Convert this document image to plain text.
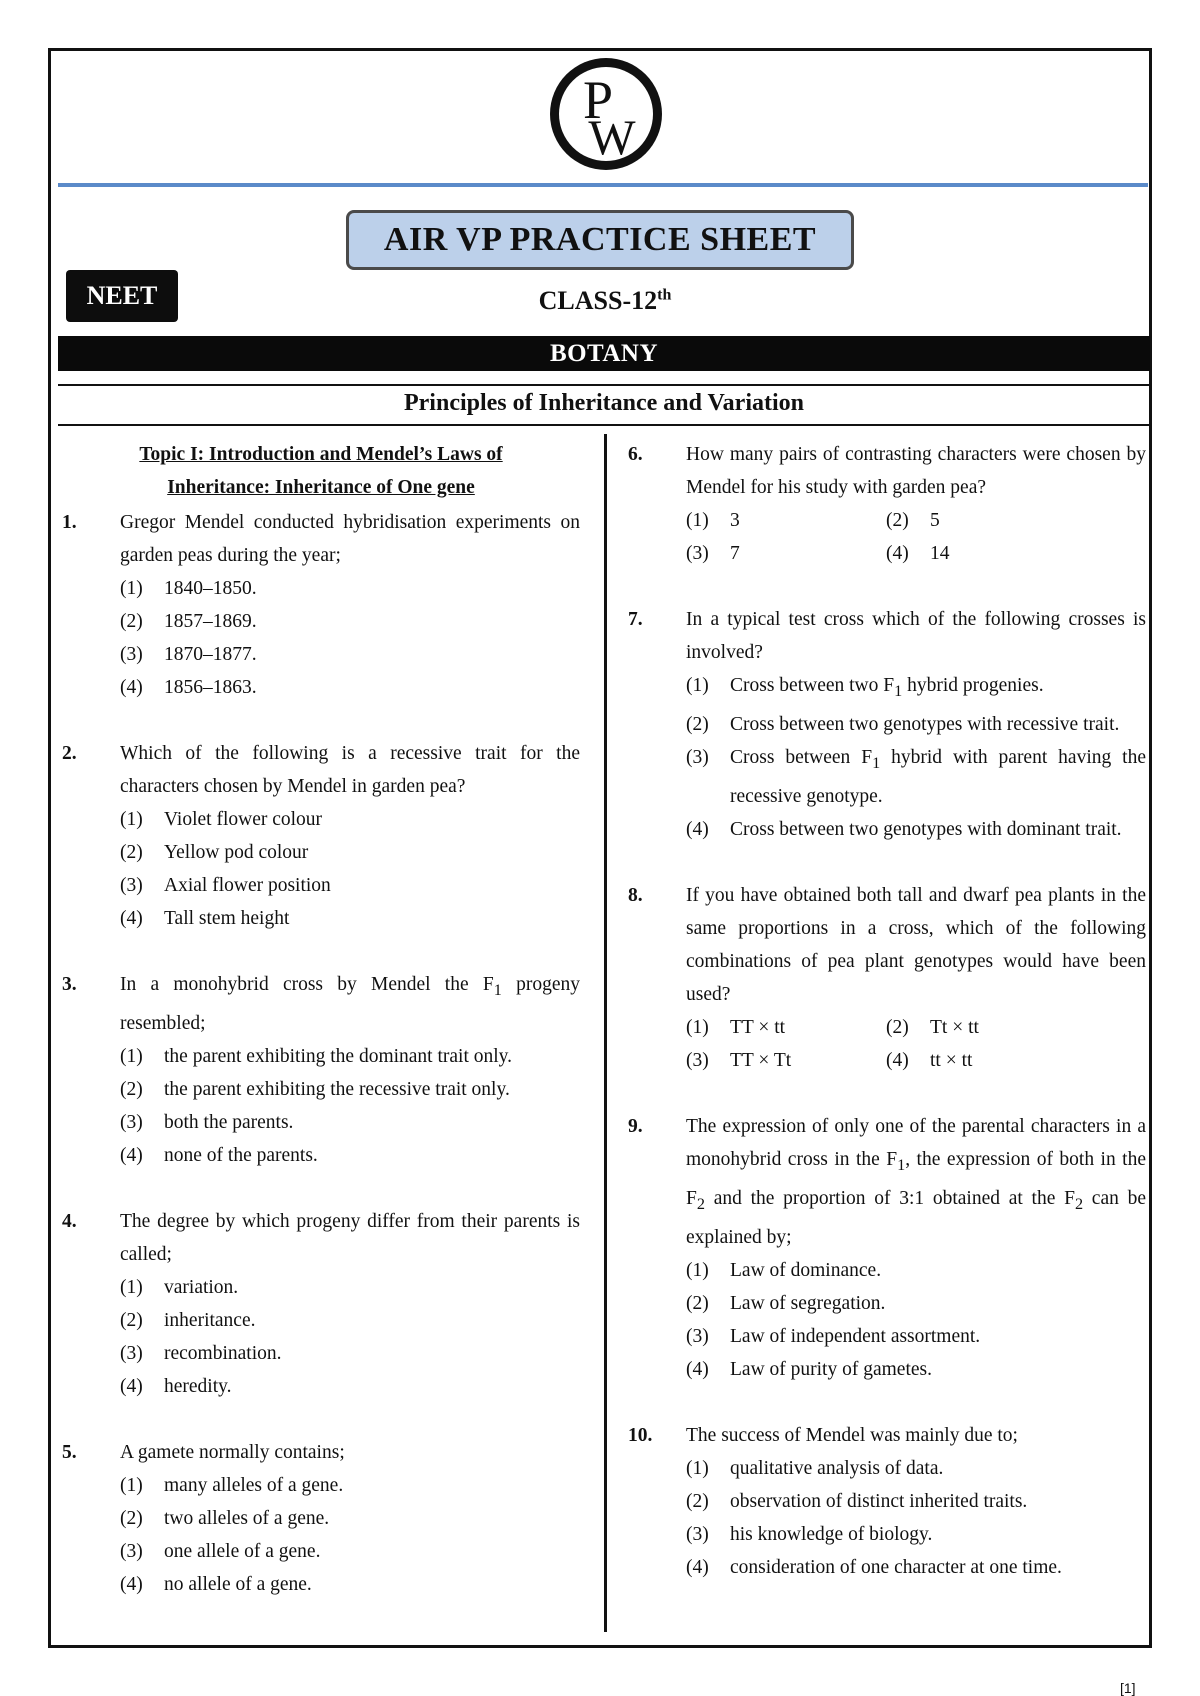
P
W
AIR VP PRACTICE SHEET
NEET	CLASS-12th
BOTANY
Principles of Inheritance and Variation
Topic I: Introduction and Mendel’s Laws of
Inheritance: Inheritance of One gene
1.	Gregor Mendel conducted hybridisation experiments on garden peas during the year;
(1)	1840–1850.
(2)	1857–1869.
(3)	1870–1877.
(4)	1856–1863.
2.	Which of the following is a recessive trait for the characters chosen by Mendel in garden pea?
(1)	Violet flower colour
(2)	Yellow pod colour
(3)	Axial flower position
(4)	Tall stem height
3.	In a monohybrid cross by Mendel the $F_1$ progeny resembled;
(1)	the parent exhibiting the dominant trait only.
(2)	the parent exhibiting the recessive trait only.
(3)	both the parents.
(4)	none of the parents.
4.	The degree by which progeny differ from their parents is called;
(1)	variation.
(2)	inheritance.
(3)	recombination.
(4)	heredity.
5.	A gamete normally contains;
(1)	many alleles of a gene.
(2)	two alleles of a gene.
(3)	one allele of a gene.
(4)	no allele of a gene.
6.	How many pairs of contrasting characters were chosen by Mendel for his study with garden pea?
(1)	3	(2)	5
(3)	7	(4)	14
7.	In a typical test cross which of the following crosses is involved?
(1)	Cross between two $F_1$ hybrid progenies.
(2)	Cross between two genotypes with recessive trait.
(3)	Cross between $F_1$ hybrid with parent having the recessive genotype.
(4)	Cross between two genotypes with dominant trait.
8.	If you have obtained both tall and dwarf pea plants in the same proportions in a cross, which of the following combinations of pea plant genotypes would have been used?
(1)	TT × tt	(2)	Tt × tt
(3)	TT × Tt	(4)	tt × tt
9.	The expression of only one of the parental characters in a monohybrid cross in the $F_1$, the expression of both in the $F_2$ and the proportion of 3:1 obtained at the $F_2$ can be explained by;
(1)	Law of dominance.
(2)	Law of segregation.
(3)	Law of independent assortment.
(4)	Law of purity of gametes.
10.	The success of Mendel was mainly due to;
(1)	qualitative analysis of data.
(2)	observation of distinct inherited traits.
(3)	his knowledge of biology.
(4)	consideration of one character at one time.
[1]
